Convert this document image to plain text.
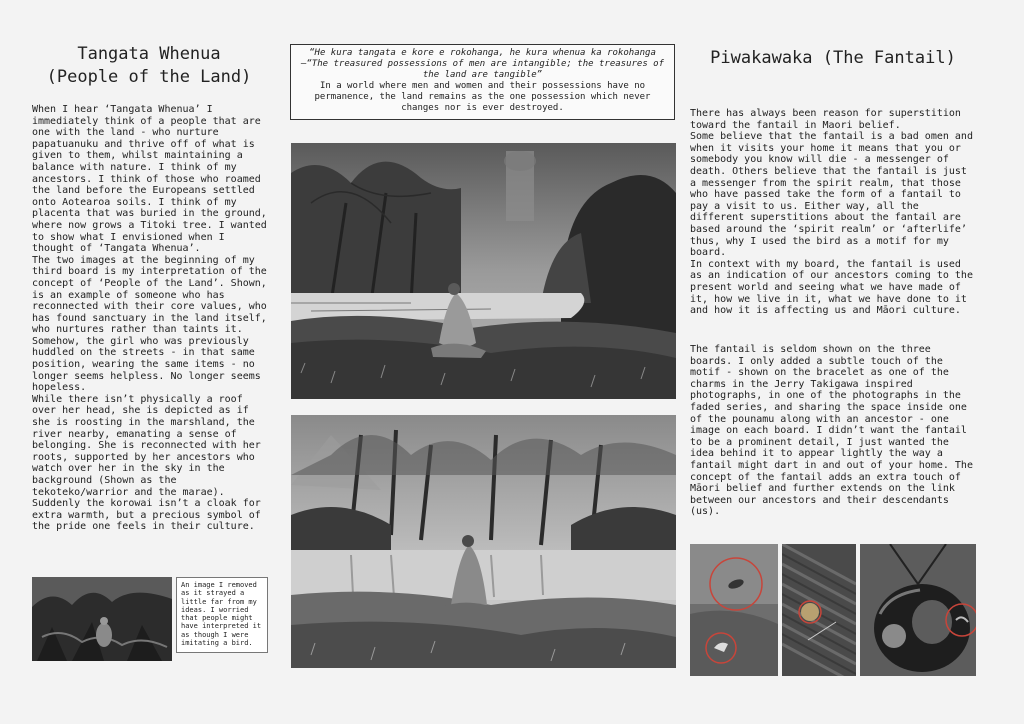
Tangata Whenua
(People of the Land)

When I hear ‘Tangata Whenua’ I immediately think of a people that are one with the land - who nurture papatuanuku and thrive off of what is given to them, whilst maintaining a balance with nature. I think of my ancestors. I think of those who roamed the land before the Europeans settled onto Aotearoa soils. I think of my placenta that was buried in the ground, where now grows a Titoki tree. I wanted to show what I envisioned when I thought of ‘Tangata Whenua’.

The two images at the beginning of my third board is my interpretation of the concept of ‘People of the Land’. Shown, is an example of someone who has reconnected with their core values, who has found sanctuary in the land itself, who nurtures rather than taints it.

Somehow, the girl who was previously huddled on the streets - in that same position, wearing the same items - no longer seems helpless. No longer seems hopeless.

While there isn’t physically a roof over her head, she is depicted as if she is roosting in the marshland, the river nearby, emanating a sense of belonging. She is reconnected with her roots, supported by her ancestors who watch over her in the sky in the background (Shown as the tekoteko/warrior and the marae).

Suddenly the korowai isn’t a cloak for extra warmth, but a precious symbol of the pride one feels in their culture.

An image I removed as it strayed a little far from my ideas. I worried that people might have interpreted it as though I were imitating a bird.
“He kura tangata e kore e rokohanga, he kura whenua ka rokohanga
–“The treasured possessions of men are intangible; the treasures of the land are tangible”
In a world where men and women and their possessions have no permanence, the land remains as the one possession which never changes nor is ever destroyed.
Piwakawaka (The Fantail)

There has always been reason for superstition toward the fantail in Maori belief.

Some believe that the fantail is a bad omen and when it visits your home it means that you or somebody you know will die - a messenger of death. Others believe that the fantail is just a messenger from the spirit realm, that those who have passed take the form of a fantail to pay a visit to us. Either way, all the different superstitions about the fantail are based around the ‘spirit realm’ or ‘afterlife’ thus, why I used the bird as a motif for my board.

In context with my board, the fantail is used as an indication of our ancestors coming to the present world and seeing what we have made of it, how we live in it, what we have done to it and how it is affecting us and Māori culture.

The fantail is seldom shown on the three boards. I only added a subtle touch of the motif - shown on the bracelet as one of the charms in the Jerry Takigawa inspired photographs, in one of the photographs in the faded series, and sharing the space inside one of the pounamu along with an ancestor - one image on each board. I didn’t want the fantail to be a prominent detail, I just wanted the idea behind it to appear lightly the way a fantail might dart in and out of your home. The concept of the fantail adds an extra touch of Māori belief and further extends on the link between our ancestors and their descendants (us).
